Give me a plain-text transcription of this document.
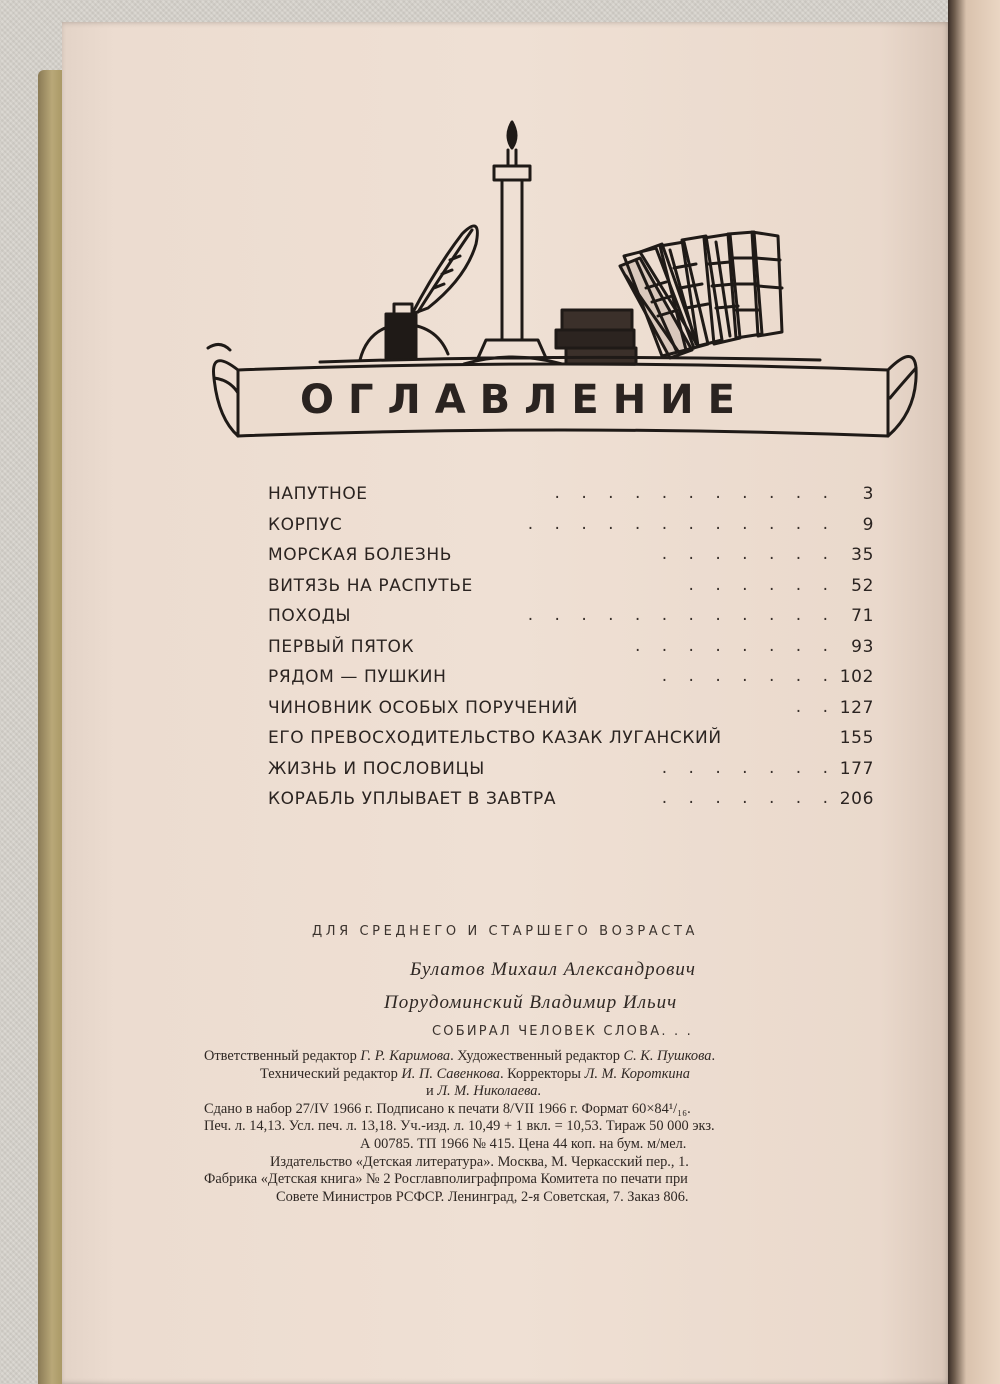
ОГЛАВЛЕНИЕ
НАПУТНОЕ	. . . . . . . . . . . 3
КОРПУС	. . . . . . . . . . . . 9
МОРСКАЯ БОЛЕЗНЬ	. . . . . . . 35
ВИТЯЗЬ НА РАСПУТЬЕ	. . . . . . 52
ПОХОДЫ	. . . . . . . . . . . . 71
ПЕРВЫЙ ПЯТОК	. . . . . . . . 93
РЯДОМ — ПУШКИН	. . . . . . . 102
ЧИНОВНИК ОСОБЫХ ПОРУЧЕНИЙ	. . 127
ЕГО ПРЕВОСХОДИТЕЛЬСТВО КАЗАК ЛУГАНСКИЙ	155
ЖИЗНЬ И ПОСЛОВИЦЫ	. . . . . . . 177
КОРАБЛЬ УПЛЫВАЕТ В ЗАВТРА	. . . . . . . 206
ДЛЯ СРЕДНЕГО И СТАРШЕГО ВОЗРАСТА
Булатов Михаил Александрович
Порудоминский Владимир Ильич
СОБИРАЛ ЧЕЛОВЕК СЛОВА. . .
Ответственный редактор Г. Р. Каримова. Художественный редактор С. К. Пушкова.
Технический редактор И. П. Савенкова. Корректоры Л. М. Короткина
и Л. М. Николаева.
Сдано в набор 27/IV 1966 г. Подписано к печати 8/VII 1966 г. Формат 60×84¹/₁₆.
Печ. л. 14,13. Усл. печ. л. 13,18. Уч.-изд. л. 10,49 + 1 вкл. = 10,53. Тираж 50 000 экз.
А 00785. ТП 1966 № 415. Цена 44 коп. на бум. м/мел.
Издательство «Детская литература». Москва, М. Черкасский пер., 1.
Фабрика «Детская книга» № 2 Росглавполиграфпрома Комитета по печати при
Совете Министров РСФСР. Ленинград, 2-я Советская, 7. Заказ 806.
